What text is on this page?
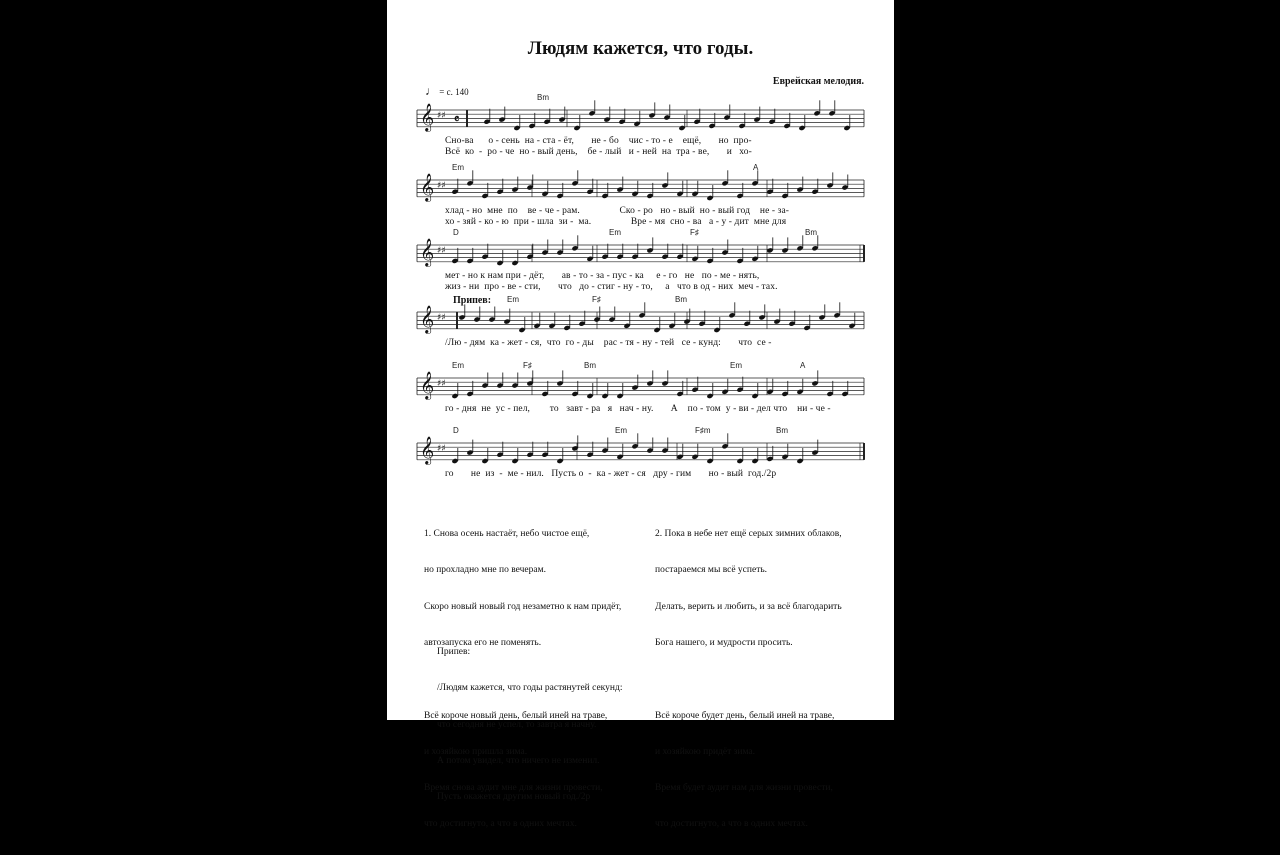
Людям кажется, что годы.
Еврейская мелодия.
♩ = с. 140
Припев:
𝄞 ♯♯ 𝄴
𝄞 ♯♯
𝄞 ♯♯
𝄞 ♯♯
𝄞 ♯♯
𝄞 ♯♯
Bm
Сно-ва      о - сень  на - ста - ёт,       не - бо    чис - то - е    ещё,       но  про-
Всё  ко  -  ро - че  но - вый день,    бе - лый   и - ней  на  тра - ве,       и   хо-
Em	A
хлад - но  мне  по    ве - че - рам.                Ско - ро   но - вый  но - вый год    не - за-
хо - зяй - ко - ю  при - шла  зи -  ма.                Вре - мя  сно - ва   а - у - дит  мне для
D	Em	F♯	Bm
мет - но к нам при - дёт,       ав - то - за - пус - ка     е - го   не   по - ме - нять,
жиз - ни  про - ве - сти,       что   до - стиг - ну - то,     а   что в од - них  меч - тах.
Em	F♯	Bm
/Лю - дям  ка - жет - ся,  что  го - ды    рас - тя - ну - тей   се - кунд:       что  се -
Em	F♯	Bm	Em	A
го - дня  не  ус - пел,        то   завт - ра   я   нач - ну.       А    по - том  у - ви - дел что    ни - че -
D	Em	F♯m	Bm
го       не  из  -  ме - нил.   Пусть о  -  ка - жет - ся   дру - гим       но - вый  год./2р

1. Снова осень настаёт, небо чистое ещё,

но прохладно мне по вечерам.

Скоро новый новый год незаметно к нам придёт,

автозапуска его не поменять.

Всё короче новый день, белый иней на траве,

и хозяйкою пришла зима.

Время снова аудит мне для жизни провести,

что достигнуто, а что в одних мечтах.

2. Пока в небе нет ещё серых зимних облаков,

постараемся мы всё успеть.

Делать, верить и любить, и за всё благодарить

Бога нашего, и мудрости просить.

Всё короче будет день, белый иней на траве,

и хозяйкою придёт зима.

Время будет аудит нам для жизни провести,

что достигнуто, а что в одних мечтах.

Припев:

/Людям кажется, что годы растянутей секунд:

что сегодня не успел, то завтра я начну.

А потом увидел, что ничего не изменил.

Пусть окажется другим новый год./2р
